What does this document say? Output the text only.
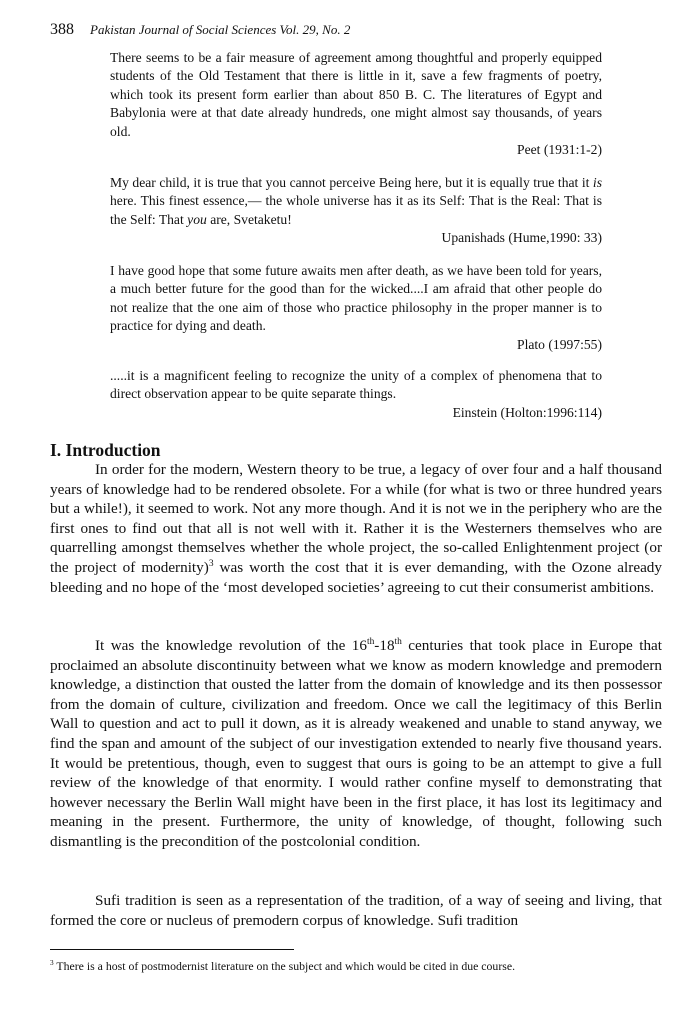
388 Pakistan Journal of Social Sciences Vol. 29, No. 2

There seems to be a fair measure of agreement among thoughtful and properly equipped students of the Old Testament that there is little in it, save a few fragments of poetry, which took its present form earlier than about 850 B. C. The literatures of Egypt and Babylonia were at that date already hundreds, one might almost say thousands, of years old.

Peet (1931:1-2)

My dear child, it is true that you cannot perceive Being here, but it is equally true that it is here. This finest essence,— the whole universe has it as its Self: That is the Real: That is the Self: That you are, Svetaketu!

Upanishads (Hume,1990: 33)

I have good hope that some future awaits men after death, as we have been told for years, a much better future for the good than for the wicked....I am afraid that other people do not realize that the one aim of those who practice philosophy in the proper manner is to practice for dying and death.

Plato (1997:55)

.....it is a magnificent feeling to recognize the unity of a complex of phenomena that to direct observation appear to be quite separate things.

Einstein (Holton:1996:114)

I. Introduction

In order for the modern, Western theory to be true, a legacy of over four and a half thousand years of knowledge had to be rendered obsolete. For a while (for what is two or three hundred years but a while!), it seemed to work. Not any more though. And it is not we in the periphery who are the first ones to find out that all is not well with it. Rather it is the Westerners themselves who are quarrelling amongst themselves whether the whole project, the so-called Enlightenment project (or the project of modernity)$^3$ was worth the cost that it is ever demanding, with the Ozone already bleeding and no hope of the ‘most developed societies’ agreeing to cut their consumerist ambitions.

It was the knowledge revolution of the 16th-18th centuries that took place in Europe that proclaimed an absolute discontinuity between what we know as modern knowledge and premodern knowledge, a distinction that ousted the latter from the domain of knowledge and its then possessor from the domain of culture, civilization and freedom. Once we call the legitimacy of this Berlin Wall to question and act to pull it down, as it is already weakened and unable to stand anyway, we find the span and amount of the subject of our investigation extended to nearly five thousand years. It would be pretentious, though, even to suggest that ours is going to be an attempt to give a full review of the knowledge of that enormity. I would rather confine myself to demonstrating that however necessary the Berlin Wall might have been in the first place, it has lost its legitimacy and meaning in the present. Furthermore, the unity of knowledge, of thought, following such dismantling is the precondition of the postcolonial condition.

Sufi tradition is seen as a representation of the tradition, of a way of seeing and living, that formed the core or nucleus of premodern corpus of knowledge. Sufi tradition

$^3$ There is a host of postmodernist literature on the subject and which would be cited in due course.
